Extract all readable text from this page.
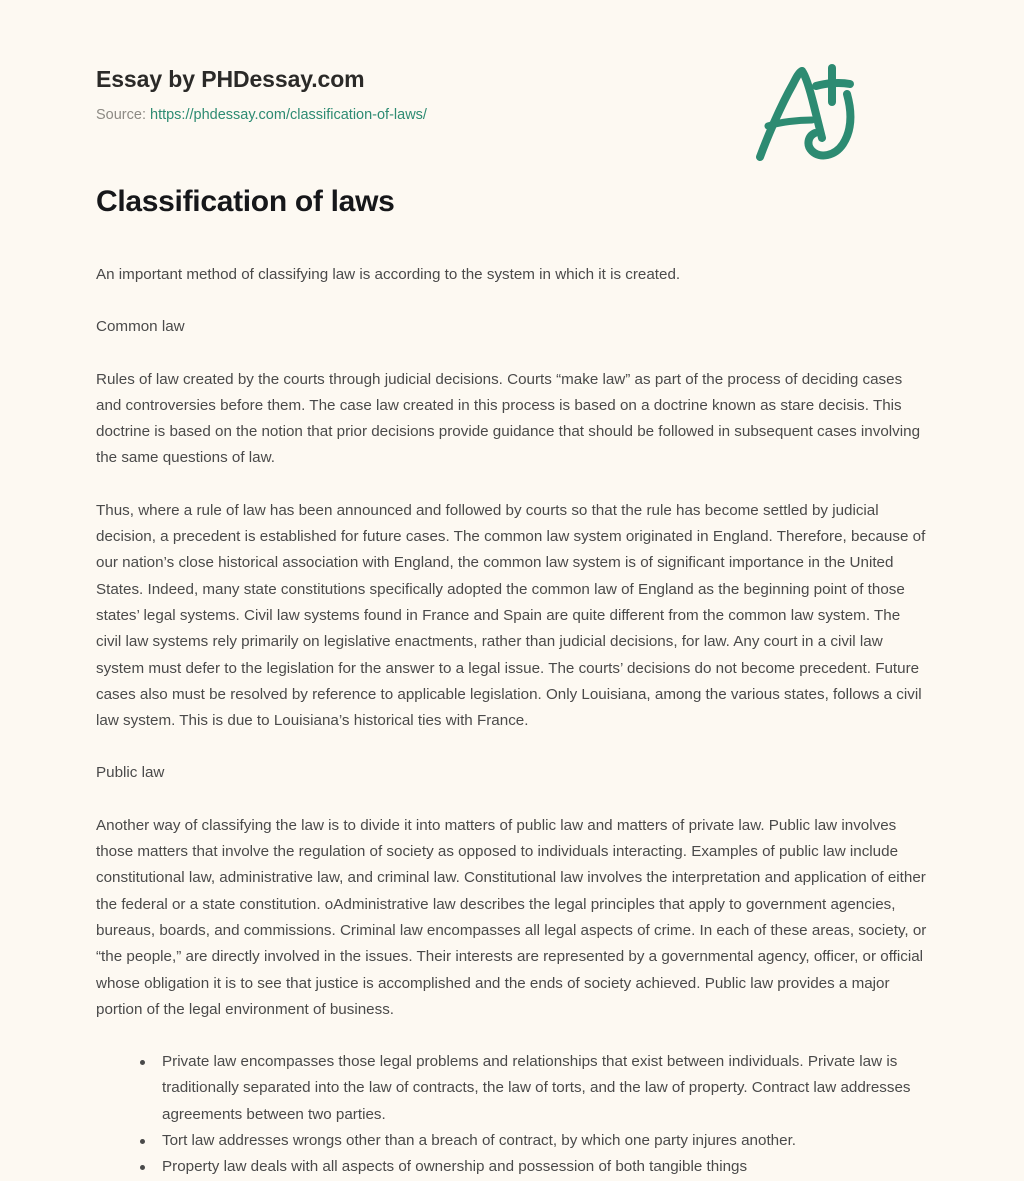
Essay by PHDessay.com
Source: https://phdessay.com/classification-of-laws/
Classification of laws

An important method of classifying law is according to the system in which it is created.

Common law

Rules of law created by the courts through judicial decisions. Courts “make law” as part of the process of deciding cases and controversies before them. The case law created in this process is based on a doctrine known as stare decisis. This doctrine is based on the notion that prior decisions provide guidance that should be followed in subsequent cases involving the same questions of law.

Thus, where a rule of law has been announced and followed by courts so that the rule has become settled by judicial decision, a precedent is established for future cases. The common law system originated in England. Therefore, because of our nation’s close historical association with England, the common law system is of significant importance in the United States. Indeed, many state constitutions specifically adopted the common law of England as the beginning point of those states’ legal systems. Civil law systems found in France and Spain are quite different from the common law system. The civil law systems rely primarily on legislative enactments, rather than judicial decisions, for law. Any court in a civil law system must defer to the legislation for the answer to a legal issue. The courts’ decisions do not become precedent. Future cases also must be resolved by reference to applicable legislation. Only Louisiana, among the various states, follows a civil law system. This is due to Louisiana’s historical ties with France.

Public law

Another way of classifying the law is to divide it into matters of public law and matters of private law. Public law involves those matters that involve the regulation of society as opposed to individuals interacting. Examples of public law include constitutional law, administrative law, and criminal law. Constitutional law involves the interpretation and application of either the federal or a state constitution. oAdministrative law describes the legal principles that apply to government agencies, bureaus, boards, and commissions. Criminal law encompasses all legal aspects of crime. In each of these areas, society, or “the people,” are directly involved in the issues. Their interests are represented by a governmental agency, officer, or official whose obligation it is to see that justice is accomplished and the ends of society achieved. Public law provides a major portion of the legal environment of business.

Private law encompasses those legal problems and relationships that exist between individuals. Private law is traditionally separated into the law of contracts, the law of torts, and the law of property. Contract law addresses agreements between two parties.
Tort law addresses wrongs other than a breach of contract, by which one party injures another.
Property law deals with all aspects of ownership and possession of both tangible things
